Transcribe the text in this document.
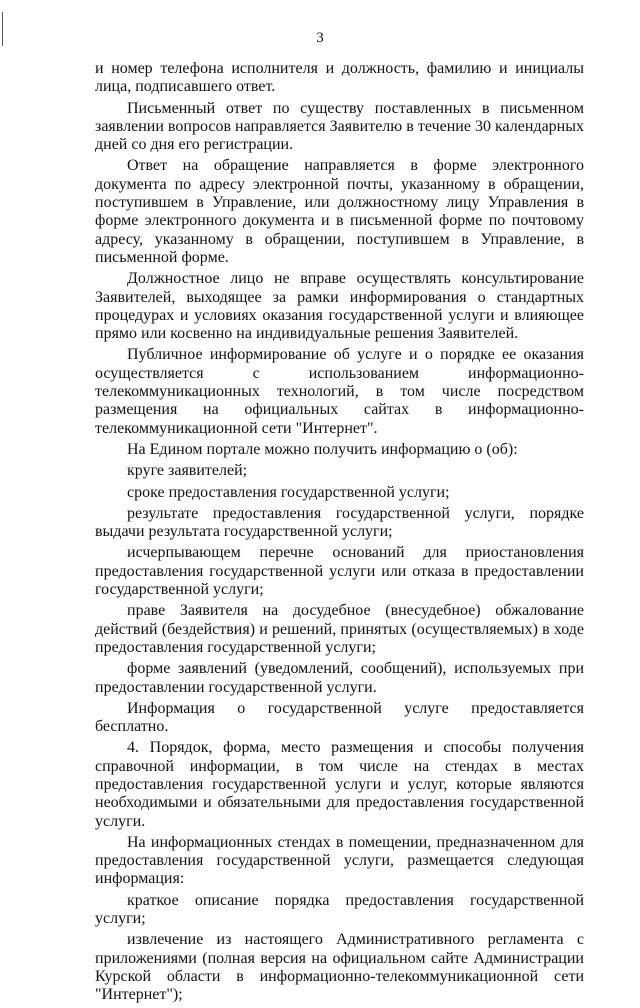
3

и номер телефона исполнителя и должность, фамилию и инициалы лица, подписавшего ответ.

Письменный ответ по существу поставленных в письменном заявлении вопросов направляется Заявителю в течение 30 календарных дней со дня его регистрации.

Ответ на обращение направляется в форме электронного документа по адресу электронной почты, указанному в обращении, поступившем в Управление, или должностному лицу Управления в форме электронного документа и в письменной форме по почтовому адресу, указанному в обращении, поступившем в Управление, в письменной форме.

Должностное лицо не вправе осуществлять консультирование Заявителей, выходящее за рамки информирования о стандартных процедурах и условиях оказания государственной услуги и влияющее прямо или косвенно на индивидуальные решения Заявителей.

Публичное информирование об услуге и о порядке ее оказания осуществляется с использованием информационно-телекоммуникационных технологий, в том числе посредством размещения на официальных сайтах в информационно-телекоммуникационной сети "Интернет".

На Едином портале можно получить информацию о (об):

круге заявителей;

сроке предоставления государственной услуги;

результате предоставления государственной услуги, порядке выдачи результата государственной услуги;

исчерпывающем перечне оснований для приостановления предоставления государственной услуги или отказа в предоставлении государственной услуги;

праве Заявителя на досудебное (внесудебное) обжалование действий (бездействия) и решений, принятых (осуществляемых) в ходе предоставления государственной услуги;

форме заявлений (уведомлений, сообщений), используемых при предоставлении государственной услуги.

Информация о государственной услуге предоставляется бесплатно.

4. Порядок, форма, место размещения и способы получения справочной информации, в том числе на стендах в местах предоставления государственной услуги и услуг, которые являются необходимыми и обязательными для предоставления государственной услуги.

На информационных стендах в помещении, предназначенном для предоставления государственной услуги, размещается следующая информация:

краткое описание порядка предоставления государственной услуги;

извлечение из настоящего Административного регламента с приложениями (полная версия на официальном сайте Администрации Курской области в информационно-телекоммуникационной сети "Интернет");
